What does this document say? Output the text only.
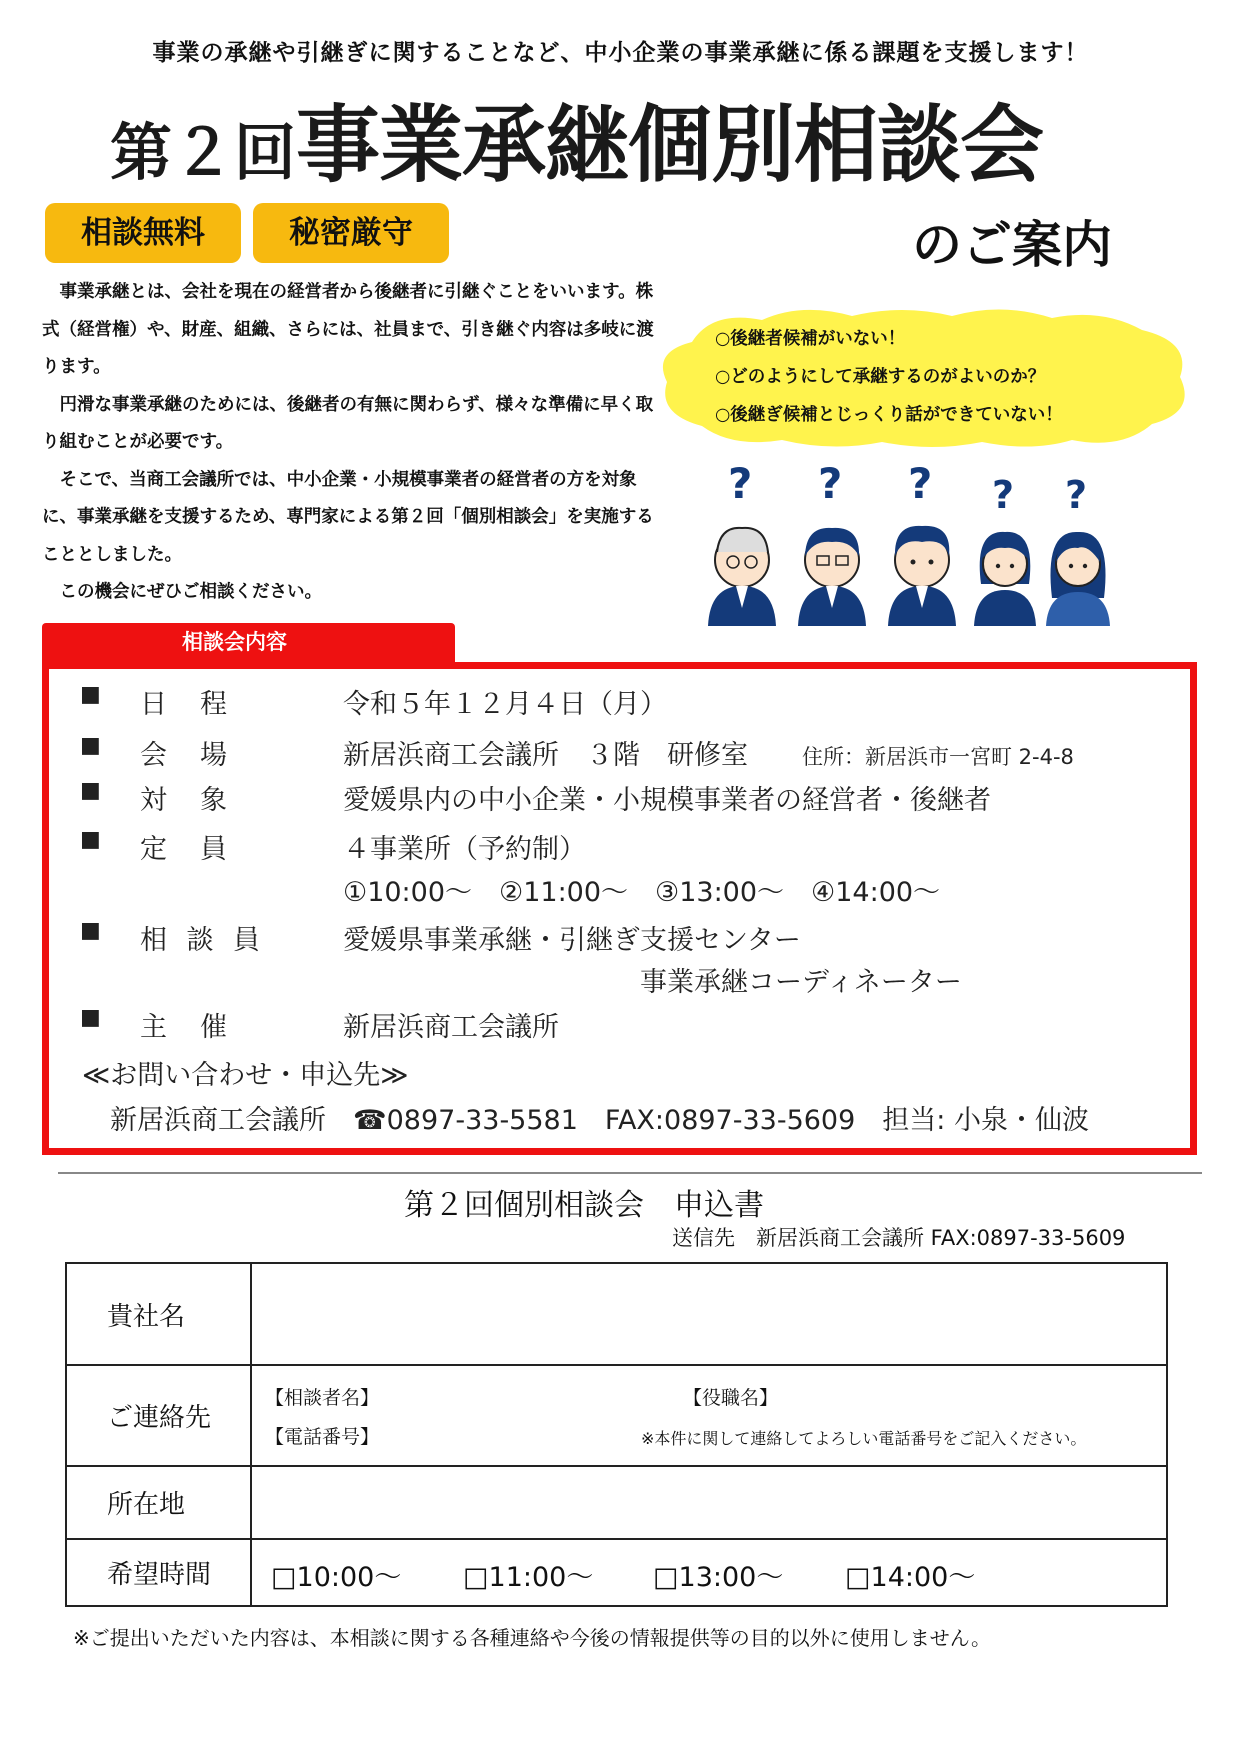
事業の承継や引継ぎに関することなど、中小企業の事業承継に係る課題を支援します！
第２回事業承継個別相談会
のご案内
相談無料	秘密厳守

　事業承継とは、会社を現在の経営者から後継者に引継ぐことをいいます。株式（経営権）や、財産、組織、さらには、社員まで、引き継ぐ内容は多岐に渡ります。

　円滑な事業承継のためには、後継者の有無に関わらず、様々な準備に早く取り組むことが必要です。

　そこで、当商工会議所では、中小企業・小規模事業者の経営者の方を対象に、事業承継を支援するため、専門家による第２回「個別相談会」を実施することとしました。

　この機会にぜひご相談ください。

○後継者候補がいない！
○どのようにして承継するのがよいのか？
○後継ぎ候補とじっくり話ができていない！
? ? ? ? ?
相談会内容
■ 日 程	令和５年１２月４日（月）
■ 会 場	新居浜商工会議所　３階　研修室　　	住所：新居浜市一宮町 2-4-8
■ 対 象	愛媛県内の中小企業・小規模事業者の経営者・後継者
■ 定 員	４事業所（予約制）
①10:00～　②11:00～　③13:00～　④14:00～
■ 相 談 員	愛媛県事業承継・引継ぎ支援センター
事業承継コーディネーター
■ 主 催	新居浜商工会議所
≪お問い合わせ・申込先≫
新居浜商工会議所　☎0897-33-5581　FAX:0897-33-5609　担当: 小泉・仙波
第２回個別相談会　申込書
送信先　新居浜商工会議所 FAX:0897-33-5609
貴社名	
ご連絡先	【相談者名】 【役職名】
【電話番号】 ※本件に関して連絡してよろしい電話番号をご記入ください。

所在地	
希望時間	□10:00～ □11:00～ □13:00～ □14:00～
※ご提出いただいた内容は、本相談に関する各種連絡や今後の情報提供等の目的以外に使用しません。
